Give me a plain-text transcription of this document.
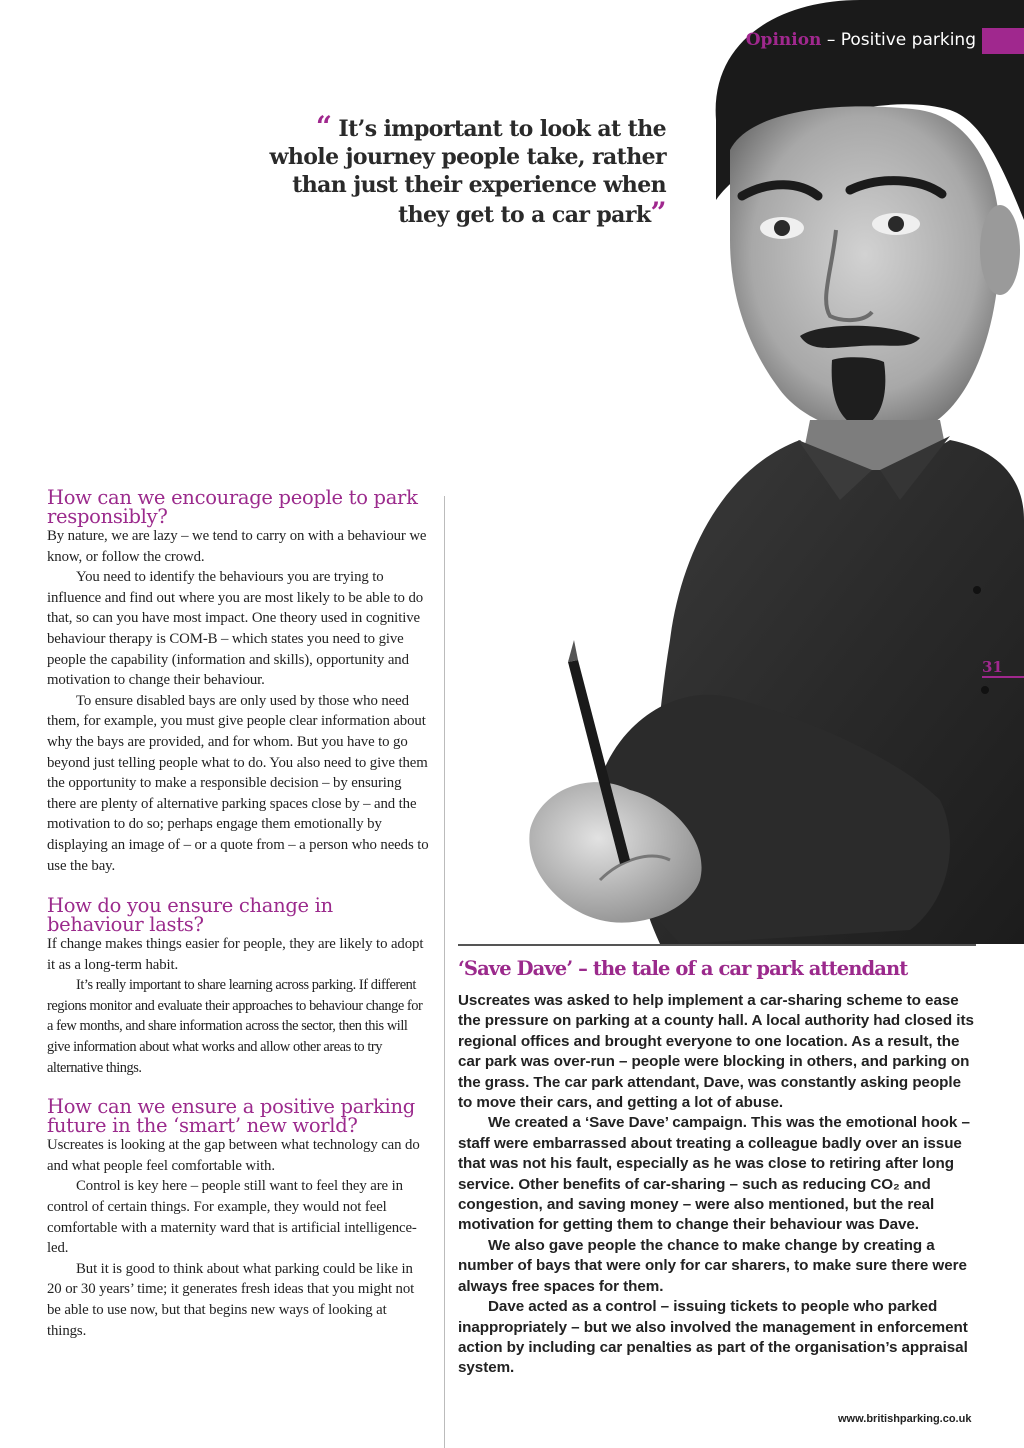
Opinion – Positive parking
“ It’s important to look at the whole journey people take, rather than just their experience when they get to a car park”
31
How can we encourage people to park responsibly?

By nature, we are lazy – we tend to carry on with a behaviour we know, or follow the crowd.

You need to identify the behaviours you are trying to influence and find out where you are most likely to be able to do that, so can you have most impact. One theory used in cognitive behaviour therapy is COM-B – which states you need to give people the capability (information and skills), opportunity and motivation to change their behaviour.

To ensure disabled bays are only used by those who need them, for example, you must give people clear information about why the bays are provided, and for whom. But you have to go beyond just telling people what to do. You also need to give them the opportunity to make a responsible decision – by ensuring there are plenty of alternative parking spaces close by – and the motivation to do so; perhaps engage them emotionally by displaying an image of – or a quote from – a person who needs to use the bay.

How do you ensure change in behaviour lasts?

If change makes things easier for people, they are likely to adopt it as a long-term habit.

It’s really important to share learning across parking. If different regions monitor and evaluate their approaches to behaviour change for a few months, and share information across the sector, then this will give information about what works and allow other areas to try alternative things.

How can we ensure a positive parking future in the ‘smart’ new world?

Uscreates is looking at the gap between what technology can do and what people feel comfortable with.

Control is key here – people still want to feel they are in control of certain things. For example, they would not feel comfortable with a maternity ward that is artificial intelligence-led.

But it is good to think about what parking could be like in 20 or 30 years’ time; it generates fresh ideas that you might not be able to use now, but that begins new ways of looking at things.

‘Save Dave’ – the tale of a car park attendant

Uscreates was asked to help implement a car-sharing scheme to ease the pressure on parking at a county hall. A local authority had closed its regional offices and brought everyone to one location. As a result, the car park was over-run – people were blocking in others, and parking on the grass. The car park attendant, Dave, was constantly asking people to move their cars, and getting a lot of abuse.

We created a ‘Save Dave’ campaign. This was the emotional hook – staff were embarrassed about treating a colleague badly over an issue that was not his fault, especially as he was close to retiring after long service. Other benefits of car-sharing – such as reducing CO₂ and congestion, and saving money – were also mentioned, but the real motivation for getting them to change their behaviour was Dave.

We also gave people the chance to make change by creating a number of bays that were only for car sharers, to make sure there were always free spaces for them.

Dave acted as a control – issuing tickets to people who parked inappropriately – but we also involved the management in enforcement action by including car penalties as part of the organisation’s appraisal system.

www.britishparking.co.uk
